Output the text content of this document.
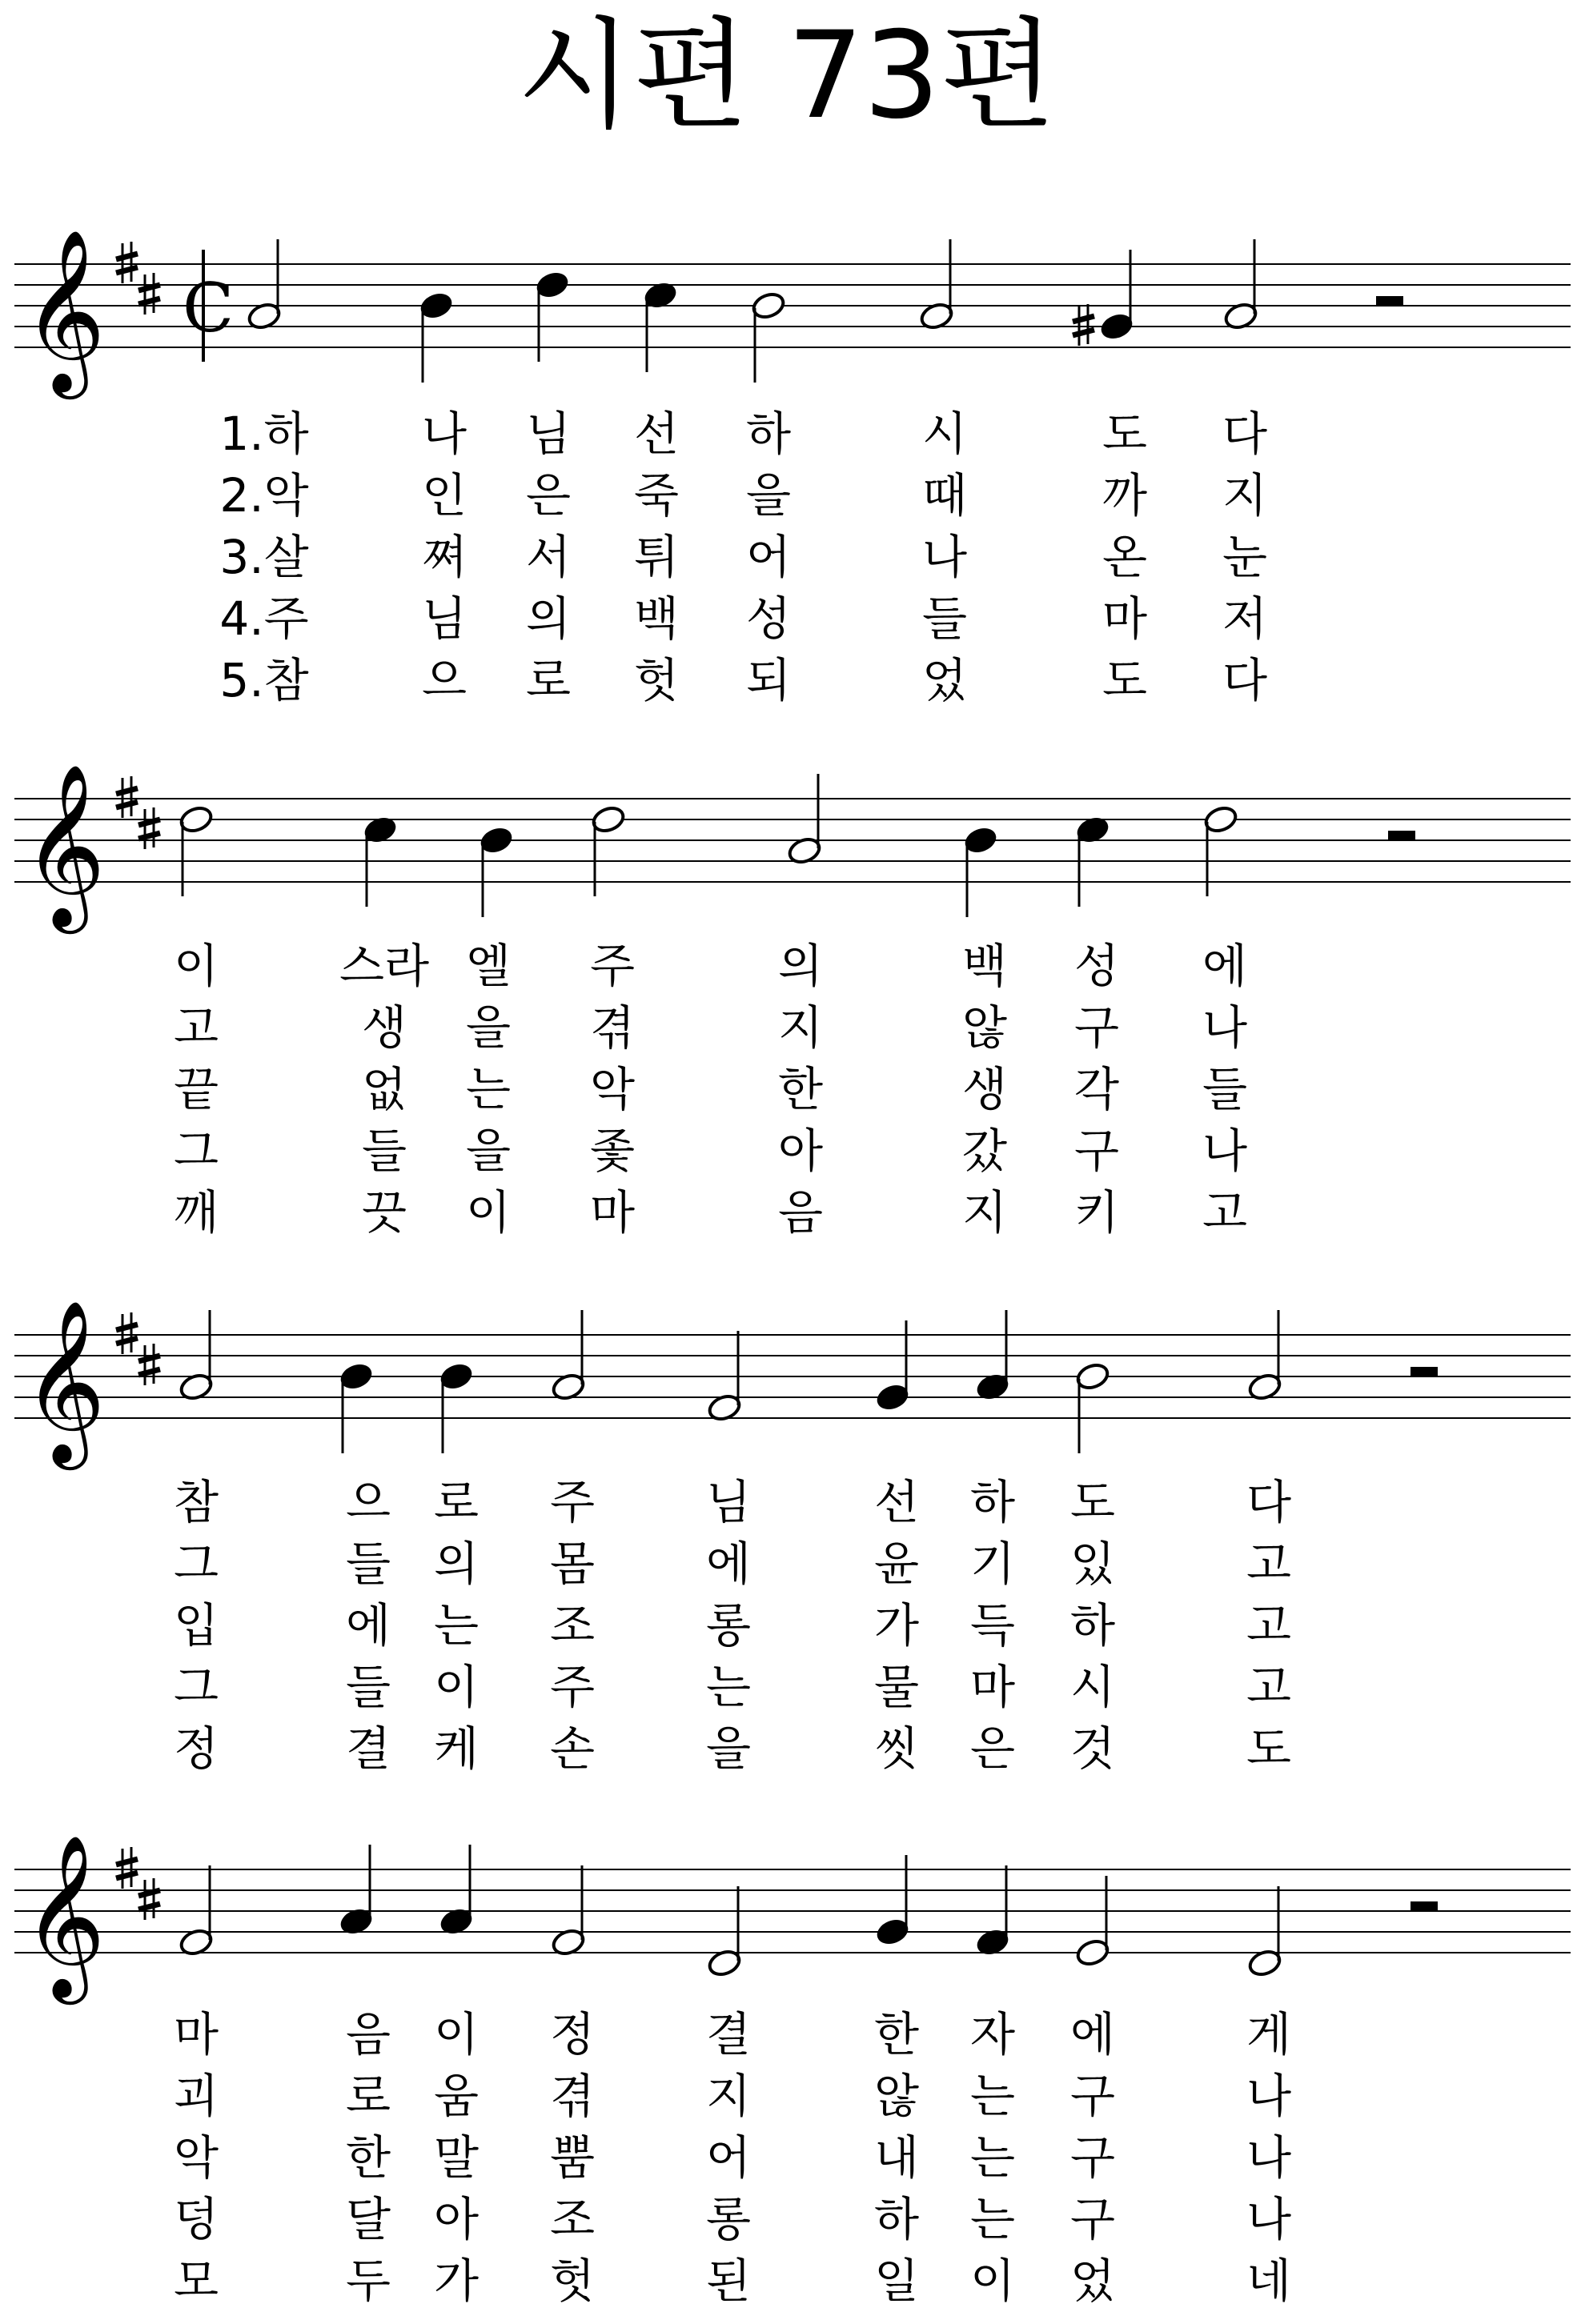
시편 73편
1.하 나 님 선 하	시	도 다
2.악 인 은 죽 을	때	까 지
3.살 쪄 서 튀 어	나	온 눈
4.주 님 의 백 성	들	마 저
5.참 으 로 헛 되	었	도 다
𝄞 C
이	스라 엘 주	의	백 성 에
고	생 을 겪	지	않 구 나
끝	없 는 악	한	생 각 들
그	들 을 좇	아	갔 구 나
깨	끗 이 마	음	지 키 고
𝄞
참	으 로 주 님	선 하 도	다
그	들 의 몸 에	윤 기 있	고
입	에 는 조 롱	가 득 하	고
그	들 이 주 는	물 마 시	고
정	결 케 손 을	씻 은 것	도
𝄞
마	음 이 정 결	한 자 에	게
괴	로 움 겪 지	않 는 구	나
악	한 말 뿜 어	내 는 구	나
덩	달 아 조 롱	하 는 구	나
모	두 가 헛 된	일 이 었	네
𝄞
